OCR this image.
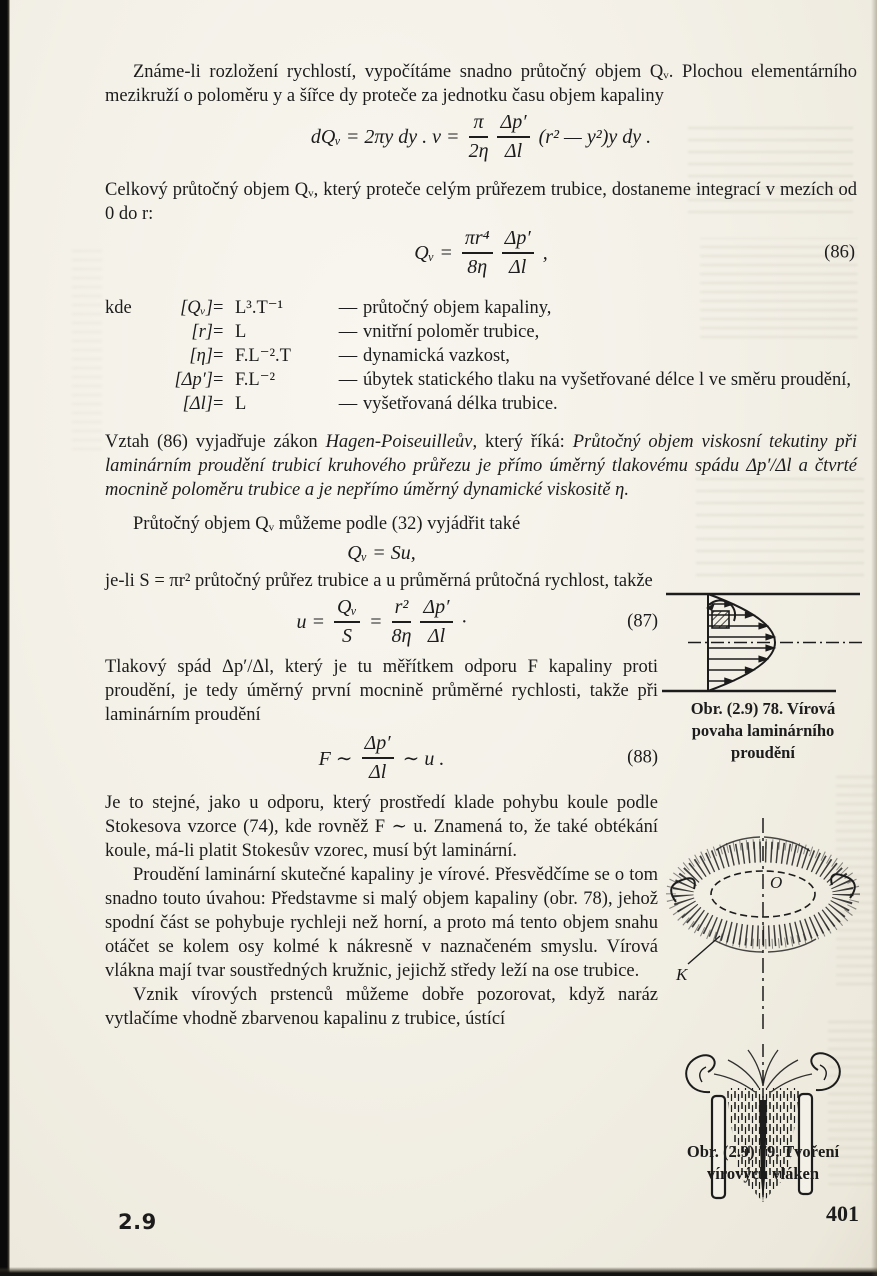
Známe-li rozložení rychlostí, vypočítáme snadno průtočný objem Qᵥ. Plochou elementárního mezikruží o poloměru y a šířce dy proteče za jednotku času objem kapaliny

dQᵥ = 2πy dy . $v = \frac{\pi}{2\eta} \frac{\Delta p'}{\Delta l} (r^2$ — y²)y dy .

Celkový průtočný objem Qᵥ, který proteče celým průřezem trubice, dostaneme integrací v mezích od 0 do r:

Qᵥ = $\frac{\text{πr⁴}}{8\eta} \frac{\Delta p'}{\Delta l}$ ,	(86)
kde	[Qᵥ] = L³.T⁻¹	— průtočný objem kapaliny,
[r] = L	— vnitřní poloměr trubice,
[η] = F.L⁻².T	— dynamická vazkost,
[Δp′] = F.L⁻²	— úbytek statického tlaku na vyšetřované délce l ve směru proudění,
[Δl] = L	— vyšetřovaná délka trubice.

Vztah (86) vyjadřuje zákon Hagen-Poiseuilleův, který říká: Průtočný objem viskosní tekutiny při laminárním proudění trubicí kruhového průřezu je přímo úměrný tlakovému spádu Δp′/Δl a čtvrté mocnině poloměru trubice a je nepřímo úměrný dynamické viskositě η.

Průtočný objem Qᵥ můžeme podle (32) vyjádřit také

Qᵥ = Su,

je-li S = πr² průtočný průřez trubice a u průměrná průtočná rychlost, takže

$u = \frac{\text{Qᵥ}}{S} = \frac{\text{r²}}{8\eta} \frac{\Delta p'}{\Delta l}$ ·	(87)

Tlakový spád Δp′/Δl, který je tu měřítkem odporu F kapaliny proti proudění, je tedy úměrný první mocnině průměrné rychlosti, takže při laminárním proudění

F ∼ $\frac{\Delta p'}{\Delta l}$ ∼ u .	(88)

Je to stejné, jako u odporu, který prostředí klade pohybu koule podle Stokesova vzorce (74), kde rovněž F ∼ u. Znamená to, že také obtékání koule, má-li platit Stokesův vzorec, musí být laminární.

Proudění laminární skutečné kapaliny je vírové. Přesvědčíme se o tom snadno touto úvahou: Představme si malý objem kapaliny (obr. 78), jehož spodní část se pohybuje rychleji než horní, a proto má tento objem snahu otáčet se kolem osy kolmé k nákresně v naznačeném smyslu. Vírová vlákna mají tvar soustředných kružnic, jejichž středy leží na ose trubice.

Vznik vírových prstenců můžeme dobře pozorovat, když naráz vytlačíme vhodně zbarvenou kapalinu z trubice, ústící

Obr. (2.9) 78. Vírová
povaha laminárního
proudění
O
K
Obr. (2.9) 79. Tvoření
vírových vláken
2.9	401
